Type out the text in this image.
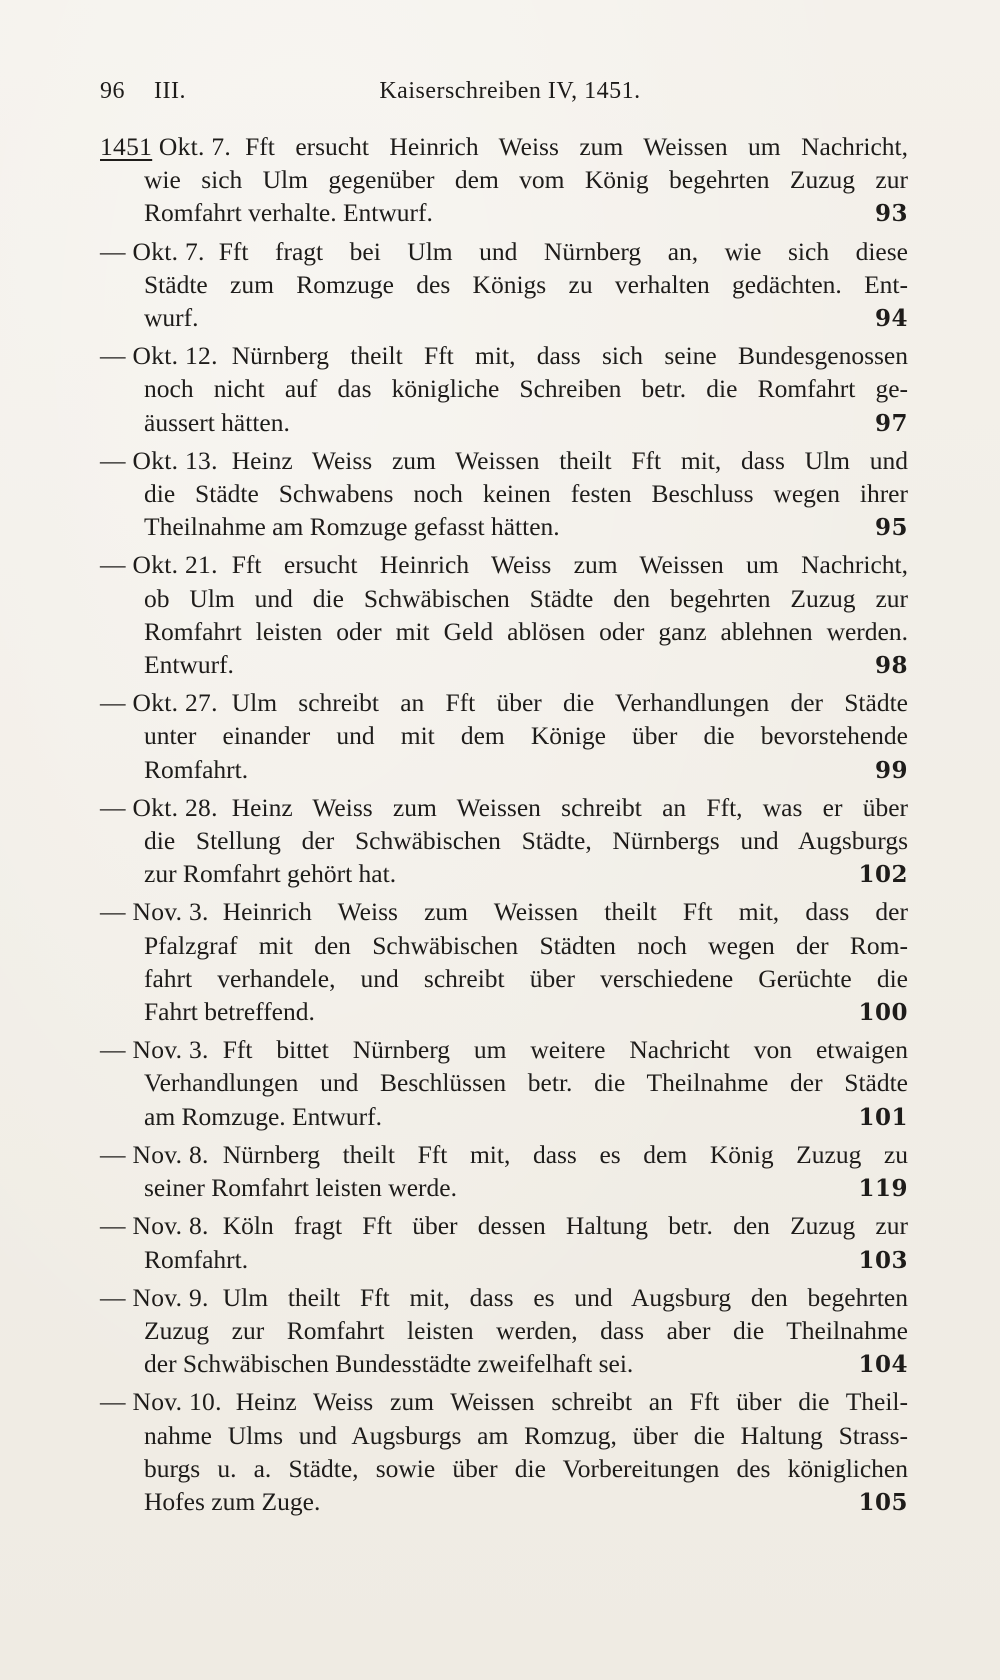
96 III.	Kaiserschreiben IV, 1451.
1451 Okt. 7. Fft ersucht Heinrich Weiss zum Weissen um Nachricht,
wie sich Ulm gegenüber dem vom König begehrten Zuzug zur
Romfahrt verhalte. Entwurf.	93
— Okt. 7. Fft fragt bei Ulm und Nürnberg an, wie sich diese
Städte zum Romzuge des Königs zu verhalten gedächten. Ent-
wurf.	94
— Okt. 12. Nürnberg theilt Fft mit, dass sich seine Bundesgenossen
noch nicht auf das königliche Schreiben betr. die Romfahrt ge-
äussert hätten.	97
— Okt. 13. Heinz Weiss zum Weissen theilt Fft mit, dass Ulm und
die Städte Schwabens noch keinen festen Beschluss wegen ihrer
Theilnahme am Romzuge gefasst hätten.	95
— Okt. 21. Fft ersucht Heinrich Weiss zum Weissen um Nachricht,
ob Ulm und die Schwäbischen Städte den begehrten Zuzug zur
Romfahrt leisten oder mit Geld ablösen oder ganz ablehnen werden.
Entwurf.	98
— Okt. 27. Ulm schreibt an Fft über die Verhandlungen der Städte
unter einander und mit dem Könige über die bevorstehende
Romfahrt.	99
— Okt. 28. Heinz Weiss zum Weissen schreibt an Fft, was er über
die Stellung der Schwäbischen Städte, Nürnbergs und Augsburgs
zur Romfahrt gehört hat.	102
— Nov. 3. Heinrich Weiss zum Weissen theilt Fft mit, dass der
Pfalzgraf mit den Schwäbischen Städten noch wegen der Rom-
fahrt verhandele, und schreibt über verschiedene Gerüchte die
Fahrt betreffend.	100
— Nov. 3. Fft bittet Nürnberg um weitere Nachricht von etwaigen
Verhandlungen und Beschlüssen betr. die Theilnahme der Städte
am Romzuge. Entwurf.	101
— Nov. 8. Nürnberg theilt Fft mit, dass es dem König Zuzug zu
seiner Romfahrt leisten werde.	119
— Nov. 8. Köln fragt Fft über dessen Haltung betr. den Zuzug zur
Romfahrt.	103
— Nov. 9. Ulm theilt Fft mit, dass es und Augsburg den begehrten
Zuzug zur Romfahrt leisten werden, dass aber die Theilnahme
der Schwäbischen Bundesstädte zweifelhaft sei.	104
— Nov. 10. Heinz Weiss zum Weissen schreibt an Fft über die Theil-
nahme Ulms und Augsburgs am Romzug, über die Haltung Strass-
burgs u. a. Städte, sowie über die Vorbereitungen des königlichen
Hofes zum Zuge.	105
